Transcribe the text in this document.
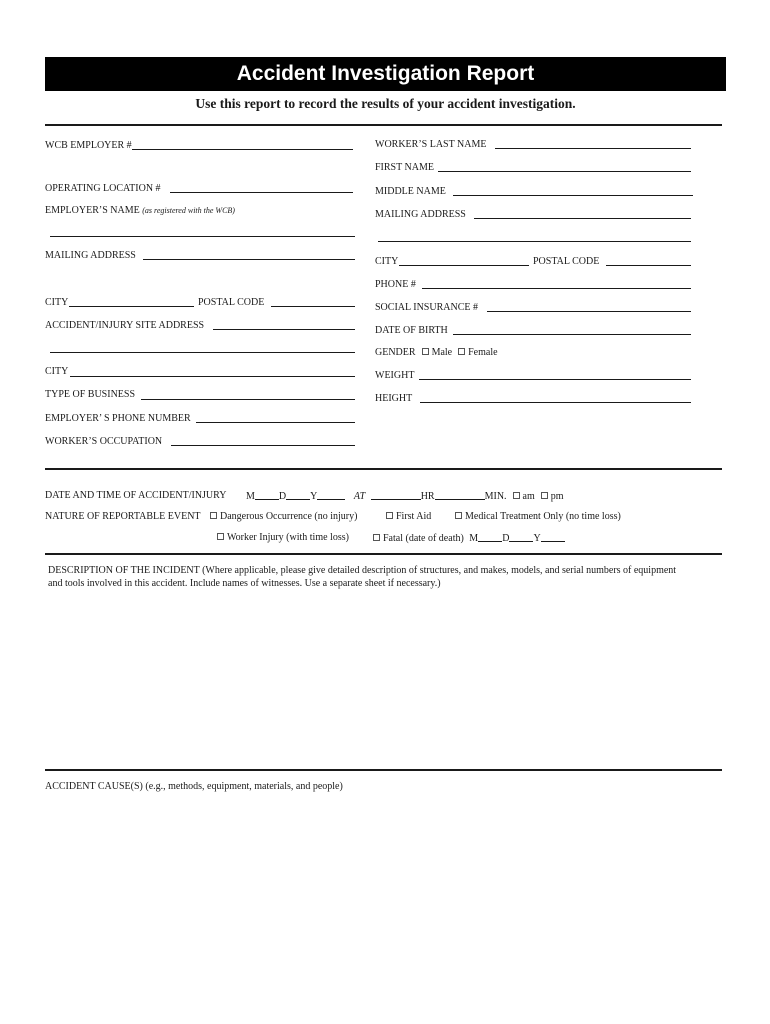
Accident Investigation Report
Use this report to record the results of your accident investigation.
WCB EMPLOYER #
OPERATING LOCATION #
EMPLOYER’S NAME (as registered with the WCB)
MAILING ADDRESS
CITY	POSTAL CODE
ACCIDENT/INJURY SITE ADDRESS
CITY
TYPE OF BUSINESS
EMPLOYER’ S PHONE NUMBER
WORKER’S OCCUPATION
WORKER’S LAST NAME
FIRST NAME
MIDDLE NAME
MAILING ADDRESS
CITY	POSTAL CODE
PHONE #
SOCIAL INSURANCE #
DATE OF BIRTH
GENDER Male Female
WEIGHT
HEIGHT
DATE AND TIME OF ACCIDENT/INJURY M D Y	AT	HR	MIN. am pm
NATURE OF REPORTABLE EVENT	Dangerous Occurrence (no injury)	First Aid	Medical Treatment Only (no time loss)
Worker Injury (with time loss)	Fatal (date of death) M D Y
DESCRIPTION OF THE INCIDENT (Where applicable, please give detailed description of structures, and makes, models, and serial numbers of equipment and tools involved in this accident. Include names of witnesses. Use a separate sheet if necessary.)
ACCIDENT CAUSE(S) (e.g., methods, equipment, materials, and people)
